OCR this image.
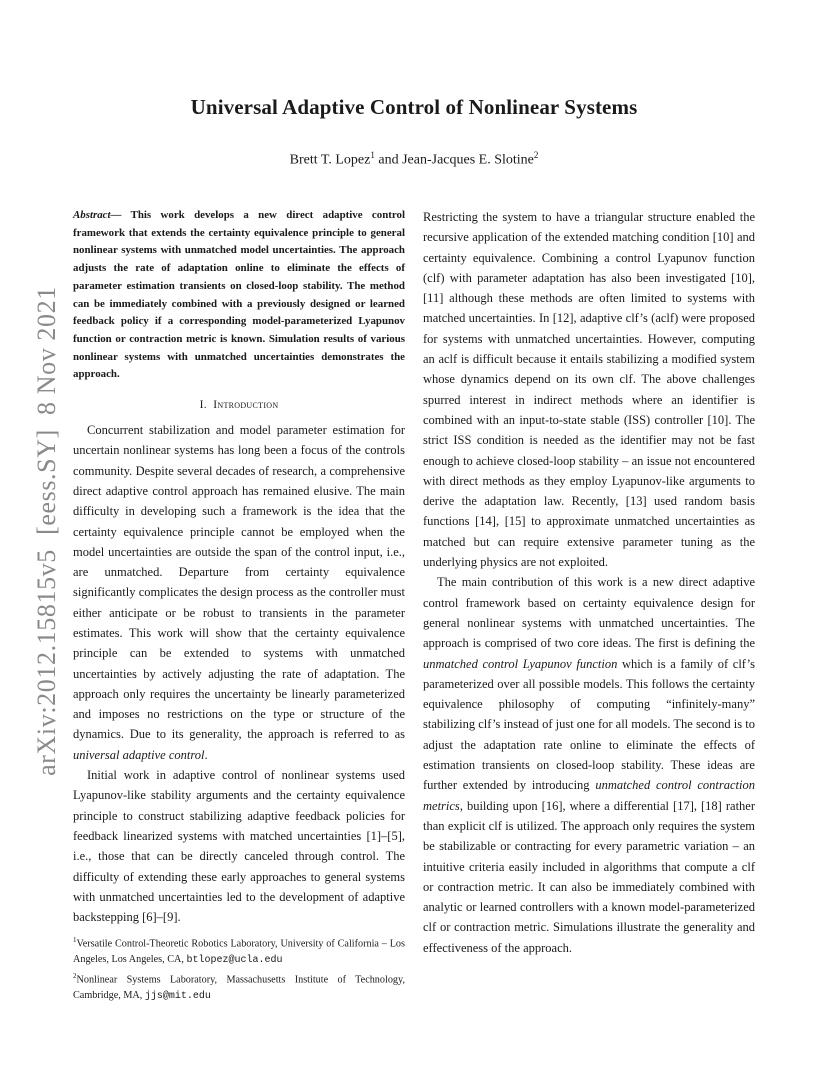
Universal Adaptive Control of Nonlinear Systems
Brett T. Lopez$^1$ and Jean-Jacques E. Slotine$^2$
arXiv:2012.15815v5  [eess.SY]  8 Nov 2021

Abstract— This work develops a new direct adaptive control framework that extends the certainty equivalence principle to general nonlinear systems with unmatched model uncertainties. The approach adjusts the rate of adaptation online to eliminate the effects of parameter estimation transients on closed-loop stability. The method can be immediately combined with a previously designed or learned feedback policy if a corresponding model-parameterized Lyapunov function or contraction metric is known. Simulation results of various nonlinear systems with unmatched uncertainties demonstrates the approach.

I. Introduction

Concurrent stabilization and model parameter estimation for uncertain nonlinear systems has long been a focus of the controls community. Despite several decades of research, a comprehensive direct adaptive control approach has remained elusive. The main difficulty in developing such a framework is the idea that the certainty equivalence principle cannot be employed when the model uncertainties are outside the span of the control input, i.e., are unmatched. Departure from certainty equivalence significantly complicates the design process as the controller must either anticipate or be robust to transients in the parameter estimates. This work will show that the certainty equivalence principle can be extended to systems with unmatched uncertainties by actively adjusting the rate of adaptation. The approach only requires the uncertainty be linearly parameterized and imposes no restrictions on the type or structure of the dynamics. Due to its generality, the approach is referred to as universal adaptive control.

Initial work in adaptive control of nonlinear systems used Lyapunov-like stability arguments and the certainty equivalence principle to construct stabilizing adaptive feedback policies for feedback linearized systems with matched uncertainties [1]–[5], i.e., those that can be directly canceled through control. The difficulty of extending these early approaches to general systems with unmatched uncertainties led to the development of adaptive backstepping [6]–[9].

$^1$Versatile Control-Theoretic Robotics Laboratory, University of California – Los Angeles, Los Angeles, CA, btlopez@ucla.edu

$^2$Nonlinear Systems Laboratory, Massachusetts Institute of Technology, Cambridge, MA, jjs@mit.edu

Restricting the system to have a triangular structure enabled the recursive application of the extended matching condition [10] and certainty equivalence. Combining a control Lyapunov function (clf) with parameter adaptation has also been investigated [10], [11] although these methods are often limited to systems with matched uncertainties. In [12], adaptive clf’s (aclf) were proposed for systems with unmatched uncertainties. However, computing an aclf is difficult because it entails stabilizing a modified system whose dynamics depend on its own clf. The above challenges spurred interest in indirect methods where an identifier is combined with an input-to-state stable (ISS) controller [10]. The strict ISS condition is needed as the identifier may not be fast enough to achieve closed-loop stability – an issue not encountered with direct methods as they employ Lyapunov-like arguments to derive the adaptation law. Recently, [13] used random basis functions [14], [15] to approximate unmatched uncertainties as matched but can require extensive parameter tuning as the underlying physics are not exploited.

The main contribution of this work is a new direct adaptive control framework based on certainty equivalence design for general nonlinear systems with unmatched uncertainties. The approach is comprised of two core ideas. The first is defining the unmatched control Lyapunov function which is a family of clf’s parameterized over all possible models. This follows the certainty equivalence philosophy of computing “infinitely-many” stabilizing clf’s instead of just one for all models. The second is to adjust the adaptation rate online to eliminate the effects of estimation transients on closed-loop stability. These ideas are further extended by introducing unmatched control contraction metrics, building upon [16], where a differential [17], [18] rather than explicit clf is utilized. The approach only requires the system be stabilizable or contracting for every parametric variation – an intuitive criteria easily included in algorithms that compute a clf or contraction metric. It can also be immediately combined with analytic or learned controllers with a known model-parameterized clf or contraction metric. Simulations illustrate the generality and effectiveness of the approach.
